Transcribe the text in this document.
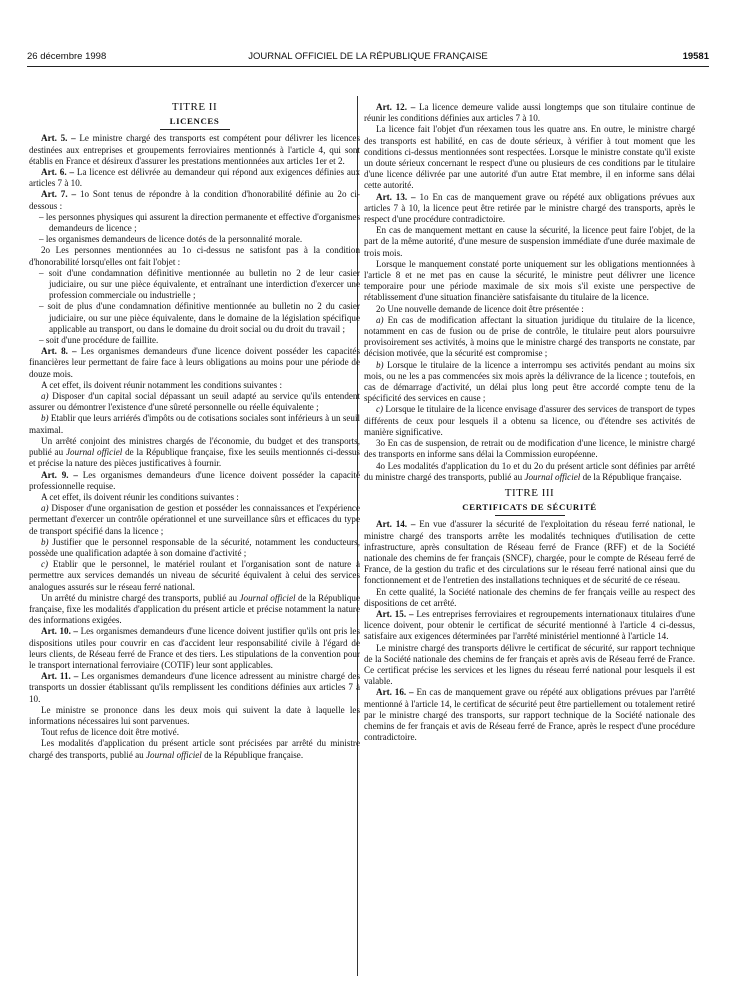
26 décembre 1998	JOURNAL OFFICIEL DE LA RÉPUBLIQUE FRANÇAISE	19581
TITRE II
LICENCES

Art. 5. – Le ministre chargé des transports est compétent pour délivrer les licences destinées aux entreprises et groupements ferroviaires mentionnés à l'article 4, qui sont établis en France et désireux d'assurer les prestations mentionnées aux articles 1er et 2.

Art. 6. – La licence est délivrée au demandeur qui répond aux exigences définies aux articles 7 à 10.

Art. 7. – 1o Sont tenus de répondre à la condition d'honorabilité définie au 2o ci-dessous :

– les personnes physiques qui assurent la direction permanente et effective d'organismes demandeurs de licence ;

– les organismes demandeurs de licence dotés de la personnalité morale.

2o Les personnes mentionnées au 1o ci-dessus ne satisfont pas à la condition d'honorabilité lorsqu'elles ont fait l'objet :

– soit d'une condamnation définitive mentionnée au bulletin no 2 de leur casier judiciaire, ou sur une pièce équivalente, et entraînant une interdiction d'exercer une profession commerciale ou industrielle ;

– soit de plus d'une condamnation définitive mentionnée au bulletin no 2 du casier judiciaire, ou sur une pièce équivalente, dans le domaine de la législation spécifique applicable au transport, ou dans le domaine du droit social ou du droit du travail ;

– soit d'une procédure de faillite.

Art. 8. – Les organismes demandeurs d'une licence doivent posséder les capacités financières leur permettant de faire face à leurs obligations au moins pour une période de douze mois.

A cet effet, ils doivent réunir notamment les conditions suivantes :

a) Disposer d'un capital social dépassant un seuil adapté au service qu'ils entendent assurer ou démontrer l'existence d'une sûreté personnelle ou réelle équivalente ;

b) Etablir que leurs arriérés d'impôts ou de cotisations sociales sont inférieurs à un seuil maximal.

Un arrêté conjoint des ministres chargés de l'économie, du budget et des transports, publié au Journal officiel de la République française, fixe les seuils mentionnés ci-dessus et précise la nature des pièces justificatives à fournir.

Art. 9. – Les organismes demandeurs d'une licence doivent posséder la capacité professionnelle requise.

A cet effet, ils doivent réunir les conditions suivantes :

a) Disposer d'une organisation de gestion et posséder les connaissances et l'expérience permettant d'exercer un contrôle opérationnel et une surveillance sûrs et efficaces du type de transport spécifié dans la licence ;

b) Justifier que le personnel responsable de la sécurité, notamment les conducteurs, possède une qualification adaptée à son domaine d'activité ;

c) Etablir que le personnel, le matériel roulant et l'organisation sont de nature à permettre aux services demandés un niveau de sécurité équivalent à celui des services analogues assurés sur le réseau ferré national.

Un arrêté du ministre chargé des transports, publié au Journal officiel de la République française, fixe les modalités d'application du présent article et précise notamment la nature des informations exigées.

Art. 10. – Les organismes demandeurs d'une licence doivent justifier qu'ils ont pris les dispositions utiles pour couvrir en cas d'accident leur responsabilité civile à l'égard de leurs clients, de Réseau ferré de France et des tiers. Les stipulations de la convention pour le transport international ferroviaire (COTIF) leur sont applicables.

Art. 11. – Les organismes demandeurs d'une licence adressent au ministre chargé des transports un dossier établissant qu'ils remplissent les conditions définies aux articles 7 à 10.

Le ministre se prononce dans les deux mois qui suivent la date à laquelle les informations nécessaires lui sont parvenues.

Tout refus de licence doit être motivé.

Les modalités d'application du présent article sont précisées par arrêté du ministre chargé des transports, publié au Journal officiel de la République française.

Art. 12. – La licence demeure valide aussi longtemps que son titulaire continue de réunir les conditions définies aux articles 7 à 10.

La licence fait l'objet d'un réexamen tous les quatre ans. En outre, le ministre chargé des transports est habilité, en cas de doute sérieux, à vérifier à tout moment que les conditions ci-dessus mentionnées sont respectées. Lorsque le ministre constate qu'il existe un doute sérieux concernant le respect d'une ou plusieurs de ces conditions par le titulaire d'une licence délivrée par une autorité d'un autre Etat membre, il en informe sans délai cette autorité.

Art. 13. – 1o En cas de manquement grave ou répété aux obligations prévues aux articles 7 à 10, la licence peut être retirée par le ministre chargé des transports, après le respect d'une procédure contradictoire.

En cas de manquement mettant en cause la sécurité, la licence peut faire l'objet, de la part de la même autorité, d'une mesure de suspension immédiate d'une durée maximale de trois mois.

Lorsque le manquement constaté porte uniquement sur les obligations mentionnées à l'article 8 et ne met pas en cause la sécurité, le ministre peut délivrer une licence temporaire pour une période maximale de six mois s'il existe une perspective de rétablissement d'une situation financière satisfaisante du titulaire de la licence.

2o Une nouvelle demande de licence doit être présentée :

a) En cas de modification affectant la situation juridique du titulaire de la licence, notamment en cas de fusion ou de prise de contrôle, le titulaire peut alors poursuivre provisoirement ses activités, à moins que le ministre chargé des transports ne constate, par décision motivée, que la sécurité est compromise ;

b) Lorsque le titulaire de la licence a interrompu ses activités pendant au moins six mois, ou ne les a pas commencées six mois après la délivrance de la licence ; toutefois, en cas de démarrage d'activité, un délai plus long peut être accordé compte tenu de la spécificité des services en cause ;

c) Lorsque le titulaire de la licence envisage d'assurer des services de transport de types différents de ceux pour lesquels il a obtenu sa licence, ou d'étendre ses activités de manière significative.

3o En cas de suspension, de retrait ou de modification d'une licence, le ministre chargé des transports en informe sans délai la Commission européenne.

4o Les modalités d'application du 1o et du 2o du présent article sont définies par arrêté du ministre chargé des transports, publié au Journal officiel de la République française.

TITRE III
CERTIFICATS DE SÉCURITÉ

Art. 14. – En vue d'assurer la sécurité de l'exploitation du réseau ferré national, le ministre chargé des transports arrête les modalités techniques d'utilisation de cette infrastructure, après consultation de Réseau ferré de France (RFF) et de la Société nationale des chemins de fer français (SNCF), chargée, pour le compte de Réseau ferré de France, de la gestion du trafic et des circulations sur le réseau ferré national ainsi que du fonctionnement et de l'entretien des installations techniques et de sécurité de ce réseau.

En cette qualité, la Société nationale des chemins de fer français veille au respect des dispositions de cet arrêté.

Art. 15. – Les entreprises ferroviaires et regroupements internationaux titulaires d'une licence doivent, pour obtenir le certificat de sécurité mentionné à l'article 4 ci-dessus, satisfaire aux exigences déterminées par l'arrêté ministériel mentionné à l'article 14.

Le ministre chargé des transports délivre le certificat de sécurité, sur rapport technique de la Société nationale des chemins de fer français et après avis de Réseau ferré de France. Ce certificat précise les services et les lignes du réseau ferré national pour lesquels il est valable.

Art. 16. – En cas de manquement grave ou répété aux obligations prévues par l'arrêté mentionné à l'article 14, le certificat de sécurité peut être partiellement ou totalement retiré par le ministre chargé des transports, sur rapport technique de la Société nationale des chemins de fer français et avis de Réseau ferré de France, après le respect d'une procédure contradictoire.
